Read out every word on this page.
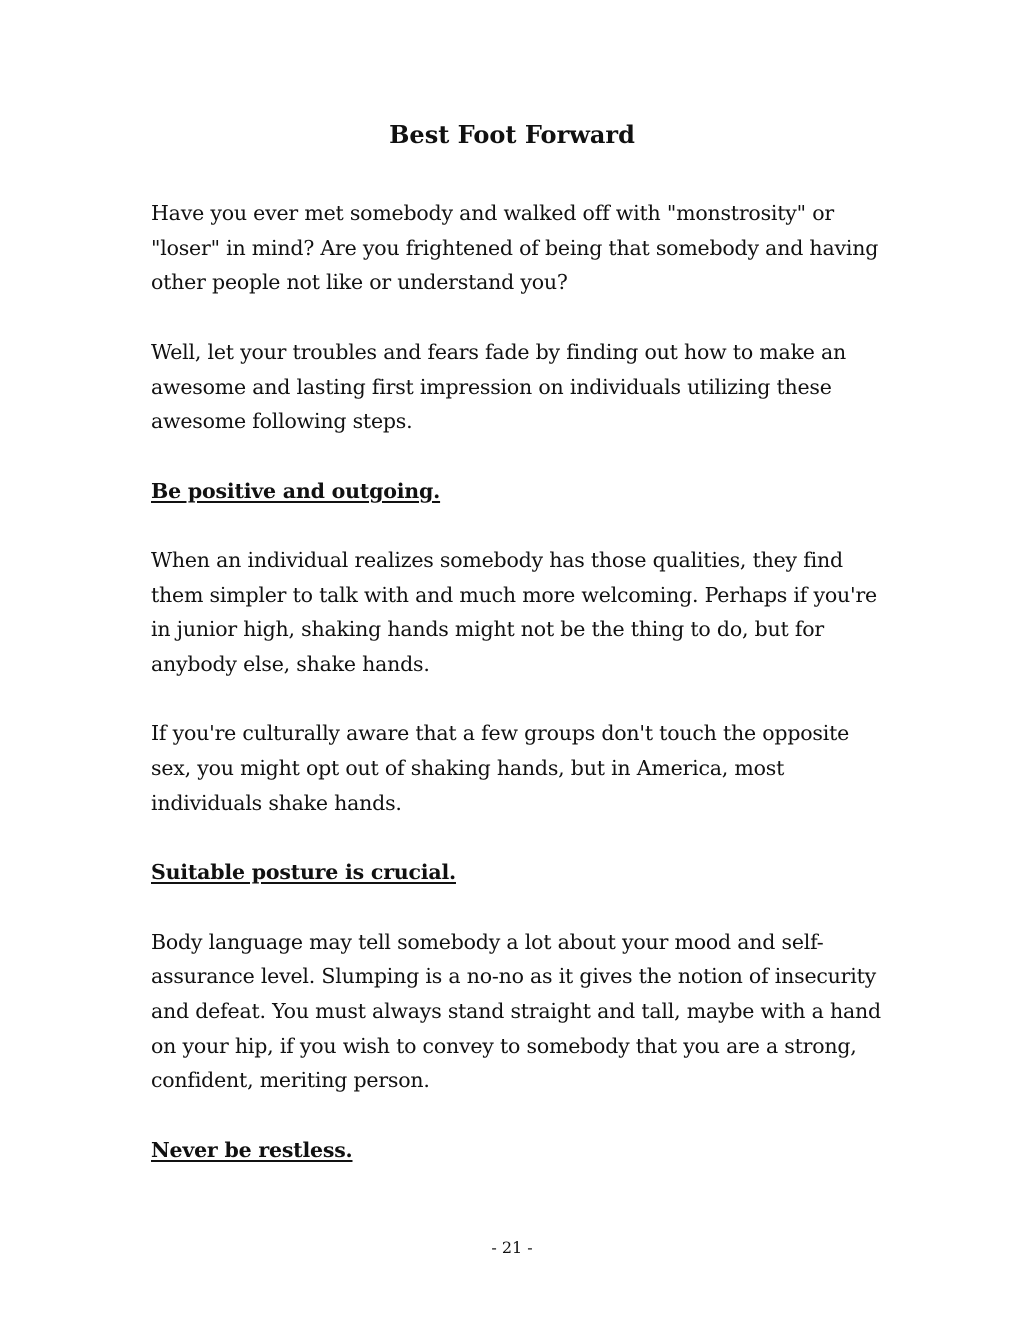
Best Foot Forward

Have you ever met somebody and walked off with "monstrosity" or "loser" in mind? Are you frightened of being that somebody and having other people not like or understand you?

Well, let your troubles and fears fade by finding out how to make an awesome and lasting first impression on individuals utilizing these awesome following steps.

Be positive and outgoing.

When an individual realizes somebody has those qualities, they find them simpler to talk with and much more welcoming. Perhaps if you're in junior high, shaking hands might not be the thing to do, but for anybody else, shake hands.

If you're culturally aware that a few groups don't touch the opposite sex, you might opt out of shaking hands, but in America, most individuals shake hands.

Suitable posture is crucial.

Body language may tell somebody a lot about your mood and self-assurance level. Slumping is a no-no as it gives the notion of insecurity and defeat. You must always stand straight and tall, maybe with a hand on your hip, if you wish to convey to somebody that you are a strong, confident, meriting person.

Never be restless.
- 21 -
